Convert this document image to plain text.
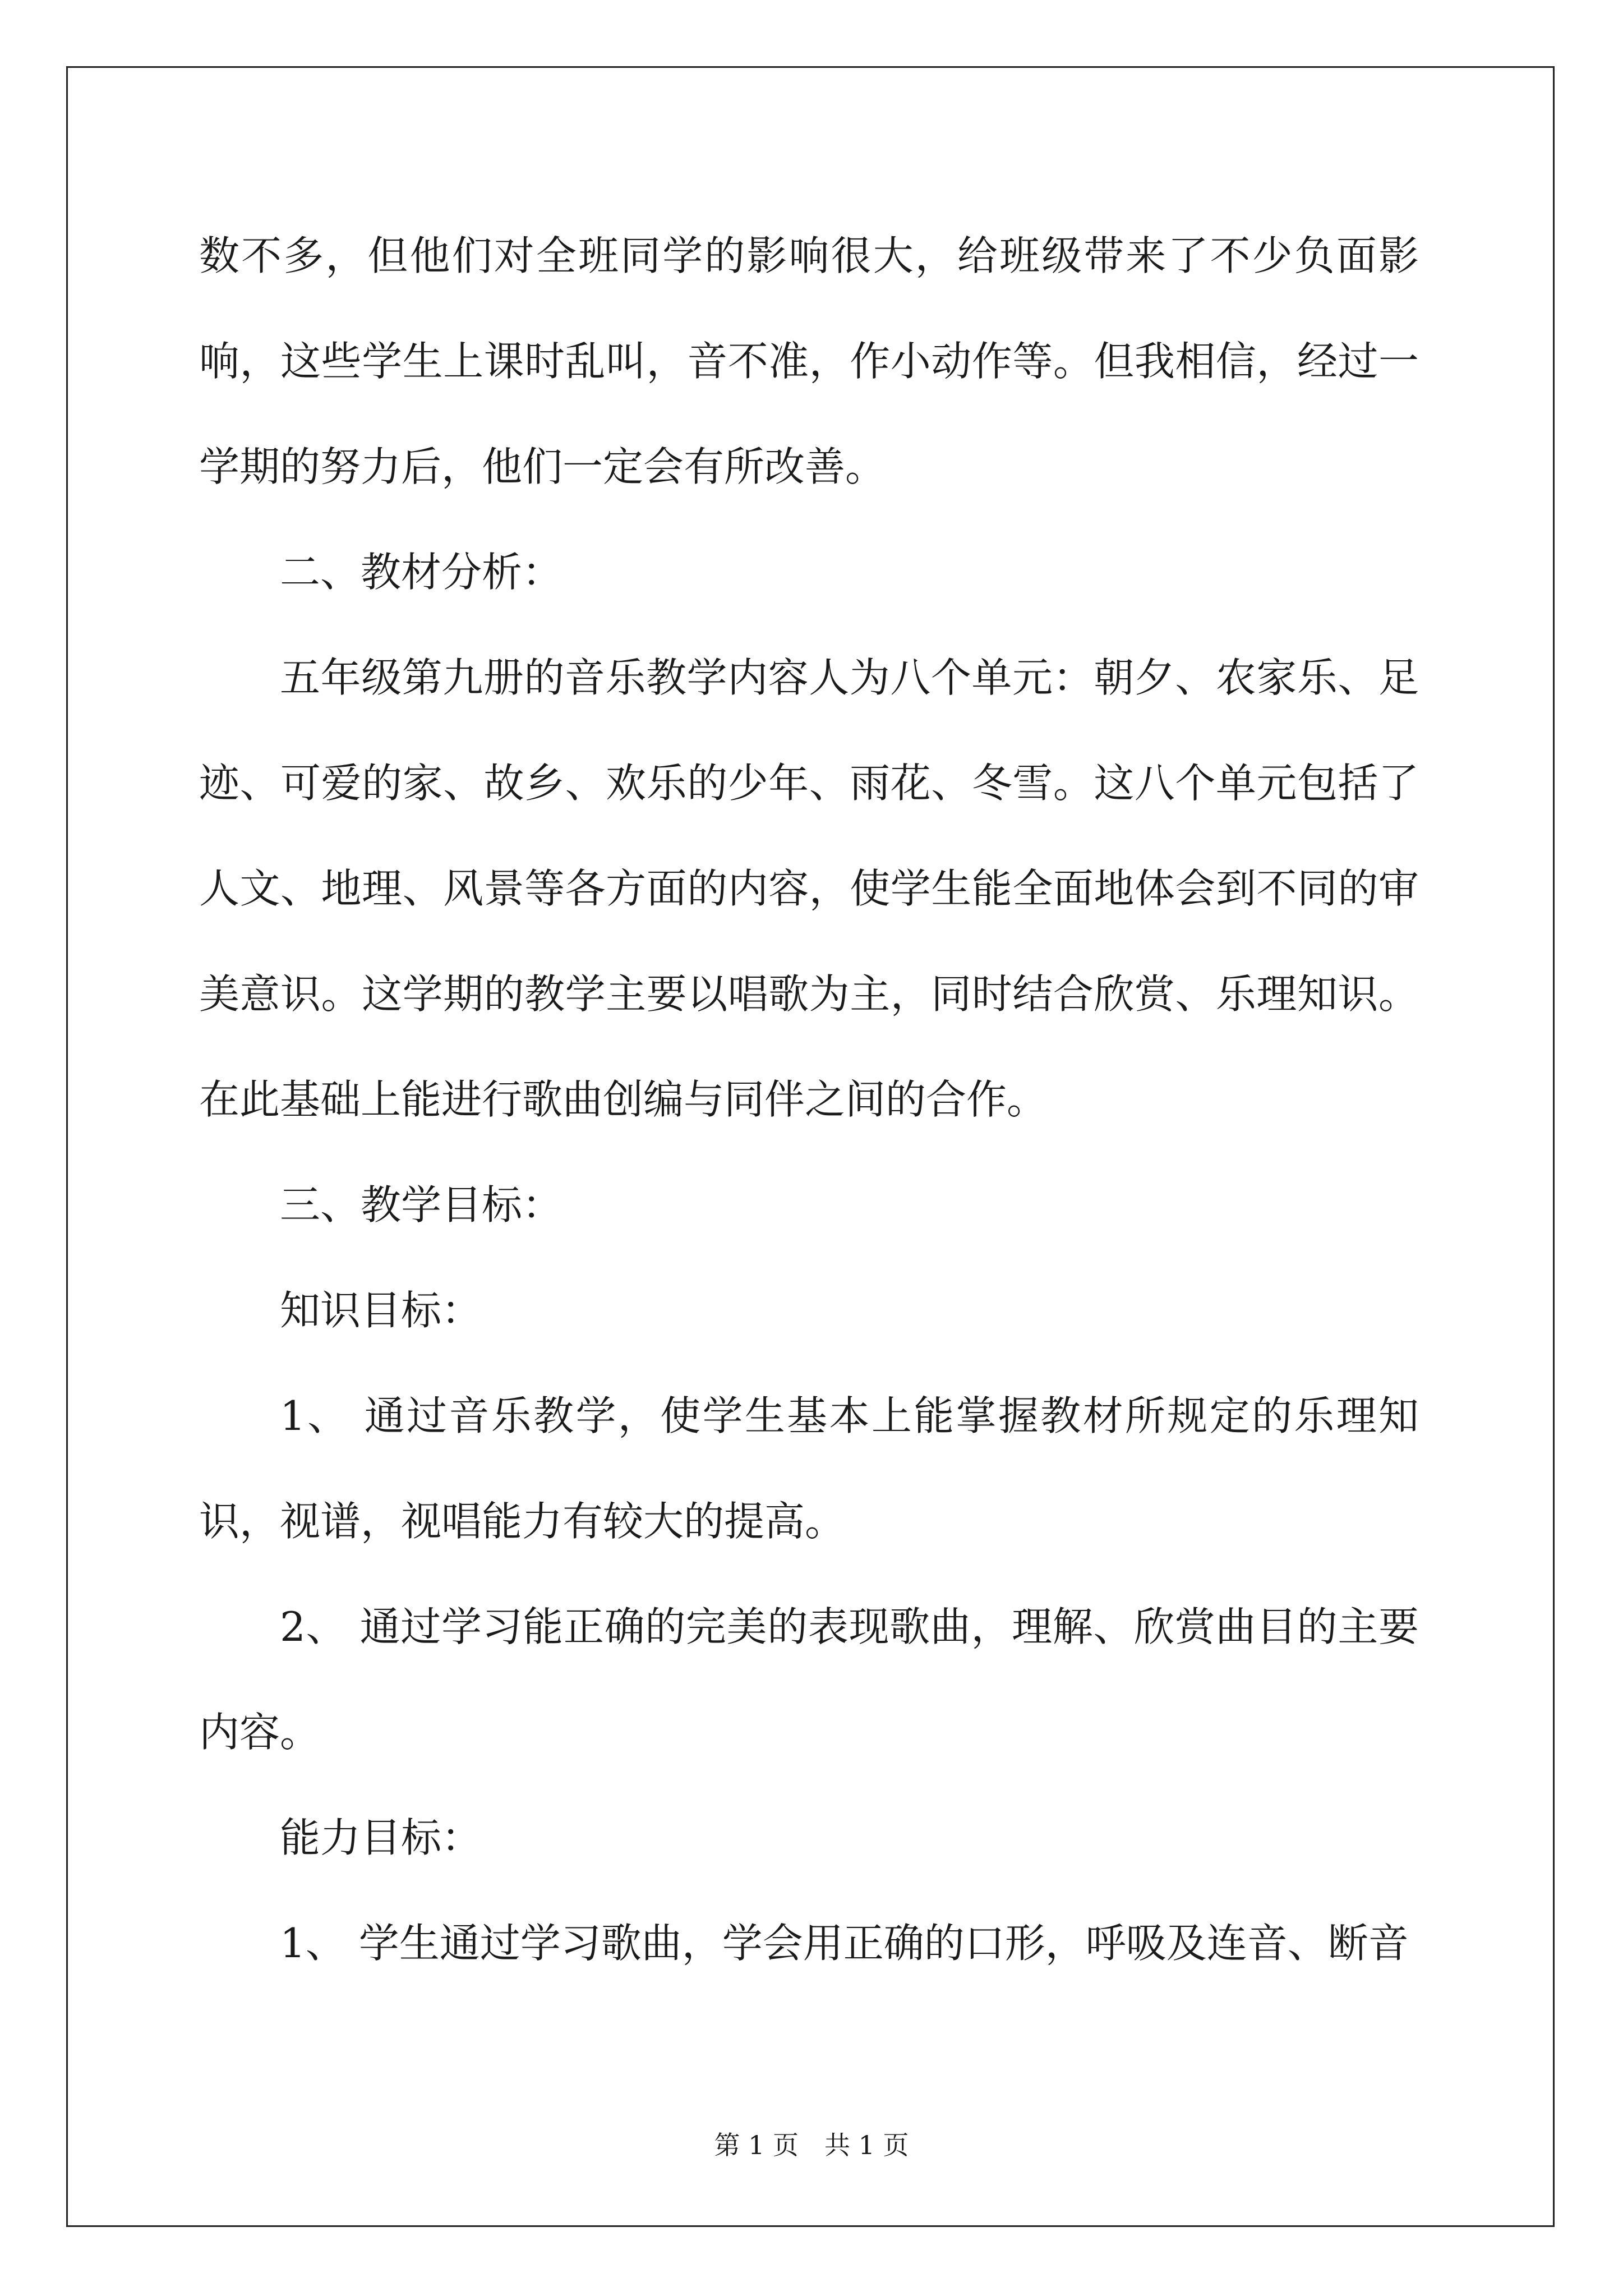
数不多，但他们对全班同学的影响很大，给班级带来了不少负面影响，这些学生上课时乱叫，音不准，作小动作等。但我相信，经过一学期的努力后，他们一定会有所改善。

二、教材分析：

五年级第九册的音乐教学内容人为八个单元：朝夕、农家乐、足迹、可爱的家、故乡、欢乐的少年、雨花、冬雪。这八个单元包括了人文、地理、风景等各方面的内容，使学生能全面地体会到不同的审美意识。这学期的教学主要以唱歌为主，同时结合欣赏、乐理知识。在此基础上能进行歌曲创编与同伴之间的合作。

三、教学目标：

知识目标：

1、 通过音乐教学，使学生基本上能掌握教材所规定的乐理知识，视谱，视唱能力有较大的提高。

2、 通过学习能正确的完美的表现歌曲，理解、欣赏曲目的主要内容。

能力目标：

1、 学生通过学习歌曲，学会用正确的口形，呼吸及连音、断音

第 1 页　共 1 页
